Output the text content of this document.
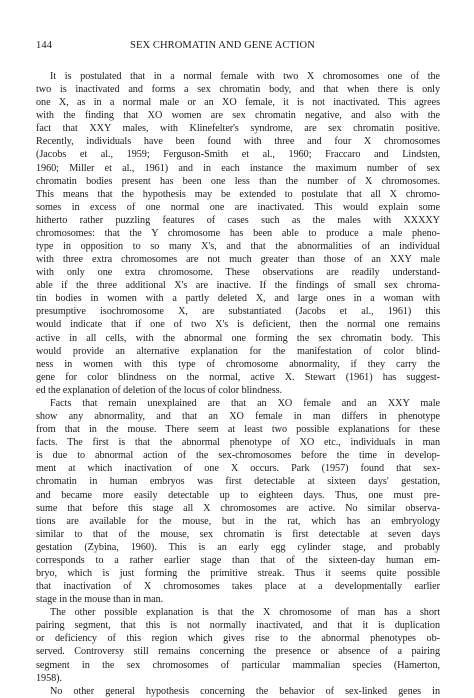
144	SEX CHROMATIN AND GENE ACTION
It is postulated that in a normal female with two X chromosomes one of the
two is inactivated and forms a sex chromatin body, and that when there is only
one X, as in a normal male or an XO female, it is not inactivated. This agrees
with the finding that XO women are sex chromatin negative, and also with the
fact that XXY males, with Klinefelter's syndrome, are sex chromatin positive.
Recently, individuals have been found with three and four X chromosomes
(Jacobs et al., 1959; Ferguson-Smith et al., 1960; Fraccaro and Lindsten,
1960; Miller et al., 1961) and in each instance the maximum number of sex
chromatin bodies present has been one less than the number of X chromosomes.
This means that the hypothesis may be extended to postulate that all X chromo-
somes in excess of one normal one are inactivated. This would explain some
hitherto rather puzzling features of cases such as the males with XXXXY
chromosomes: that the Y chromosome has been able to produce a male pheno-
type in opposition to so many X's, and that the abnormalities of an individual
with three extra chromosomes are not much greater than those of an XXY male
with only one extra chromosome. These observations are readily understand-
able if the three additional X's are inactive. If the findings of small sex chroma-
tin bodies in women with a partly deleted X, and large ones in a woman with
presumptive isochromosome X, are substantiated (Jacobs et al., 1961) this
would indicate that if one of two X's is deficient, then the normal one remains
active in all cells, with the abnormal one forming the sex chromatin body. This
would provide an alternative explanation for the manifestation of color blind-
ness in women with this type of chromosome abnormality, if they carry the
gene for color blindness on the normal, active X. Stewart (1961) has suggest-
ed the explanation of deletion of the locus of color blindness.
Facts that remain unexplained are that an XO female and an XXY male
show any abnormality, and that an XO female in man differs in phenotype
from that in the mouse. There seem at least two possible explanations for these
facts. The first is that the abnormal phenotype of XO etc., individuals in man
is due to abnormal action of the sex-chromosomes before the time in develop-
ment at which inactivation of one X occurs. Park (1957) found that sex-
chromatin in human embryos was first detectable at sixteen days' gestation,
and became more easily detectable up to eighteen days. Thus, one must pre-
sume that before this stage all X chromosomes are active. No similar observa-
tions are available for the mouse, but in the rat, which has an embryology
similar to that of the mouse, sex chromatin is first detectable at seven days
gestation (Zybina, 1960). This is an early egg cylinder stage, and probably
corresponds to a rather earlier stage than that of the sixteen-day human em-
bryo, which is just forming the primitive streak. Thus it seems quite possible
that inactivation of X chromosomes takes place at a developmentally earlier
stage in the mouse than in man.
The other possible explanation is that the X chromosome of man has a short
pairing segment, that this is not normally inactivated, and that it is duplication
or deficiency of this region which gives rise to the abnormal phenotypes ob-
served. Controversy still remains concerning the presence or absence of a pairing
segment in the sex chromosomes of particular mammalian species (Hamerton,
1958).
No other general hypothesis concerning the behavior of sex-linked genes in
